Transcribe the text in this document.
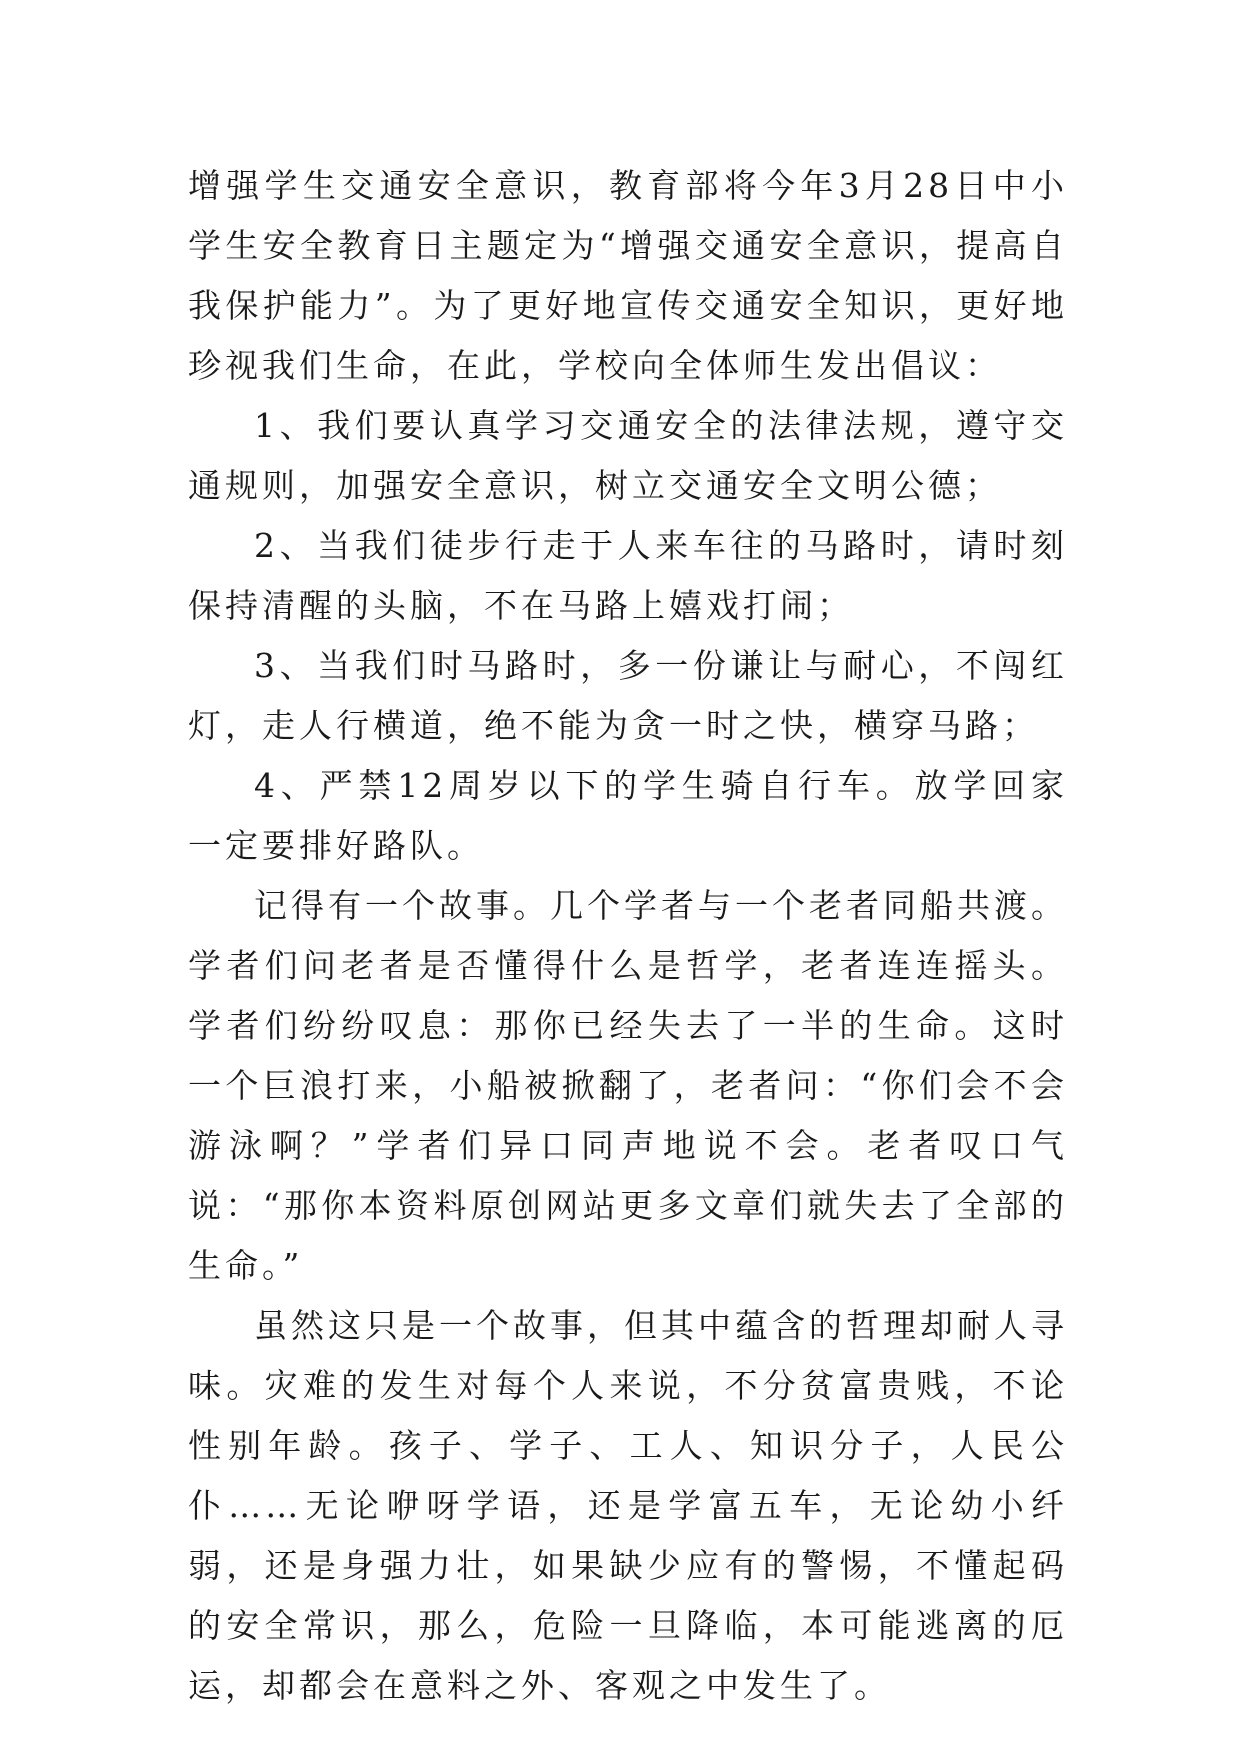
增强学生交通安全意识，教育部将今年3月28日中小学生安全教育日主题定为“增强交通安全意识，提高自我保护能力”。为了更好地宣传交通安全知识，更好地珍视我们生命，在此，学校向全体师生发出倡议：

1、我们要认真学习交通安全的法律法规，遵守交通规则，加强安全意识，树立交通安全文明公德；

2、当我们徒步行走于人来车往的马路时，请时刻保持清醒的头脑，不在马路上嬉戏打闹；

3、当我们时马路时，多一份谦让与耐心，不闯红灯，走人行横道，绝不能为贪一时之快，横穿马路；

4、严禁12周岁以下的学生骑自行车。放学回家一定要排好路队。

记得有一个故事。几个学者与一个老者同船共渡。学者们问老者是否懂得什么是哲学，老者连连摇头。学者们纷纷叹息：那你已经失去了一半的生命。这时一个巨浪打来，小船被掀翻了，老者问：“你们会不会游泳啊？”学者们异口同声地说不会。老者叹口气说：“那你本资料原创网站更多文章们就失去了全部的生命。”

虽然这只是一个故事，但其中蕴含的哲理却耐人寻味。灾难的发生对每个人来说，不分贫富贵贱，不论性别年龄。孩子、学子、工人、知识分子，人民公仆……无论咿呀学语，还是学富五车，无论幼小纤弱，还是身强力壮，如果缺少应有的警惕，不懂起码的安全常识，那么，危险一旦降临，本可能逃离的厄运，却都会在意料之外、客观之中发生了。
